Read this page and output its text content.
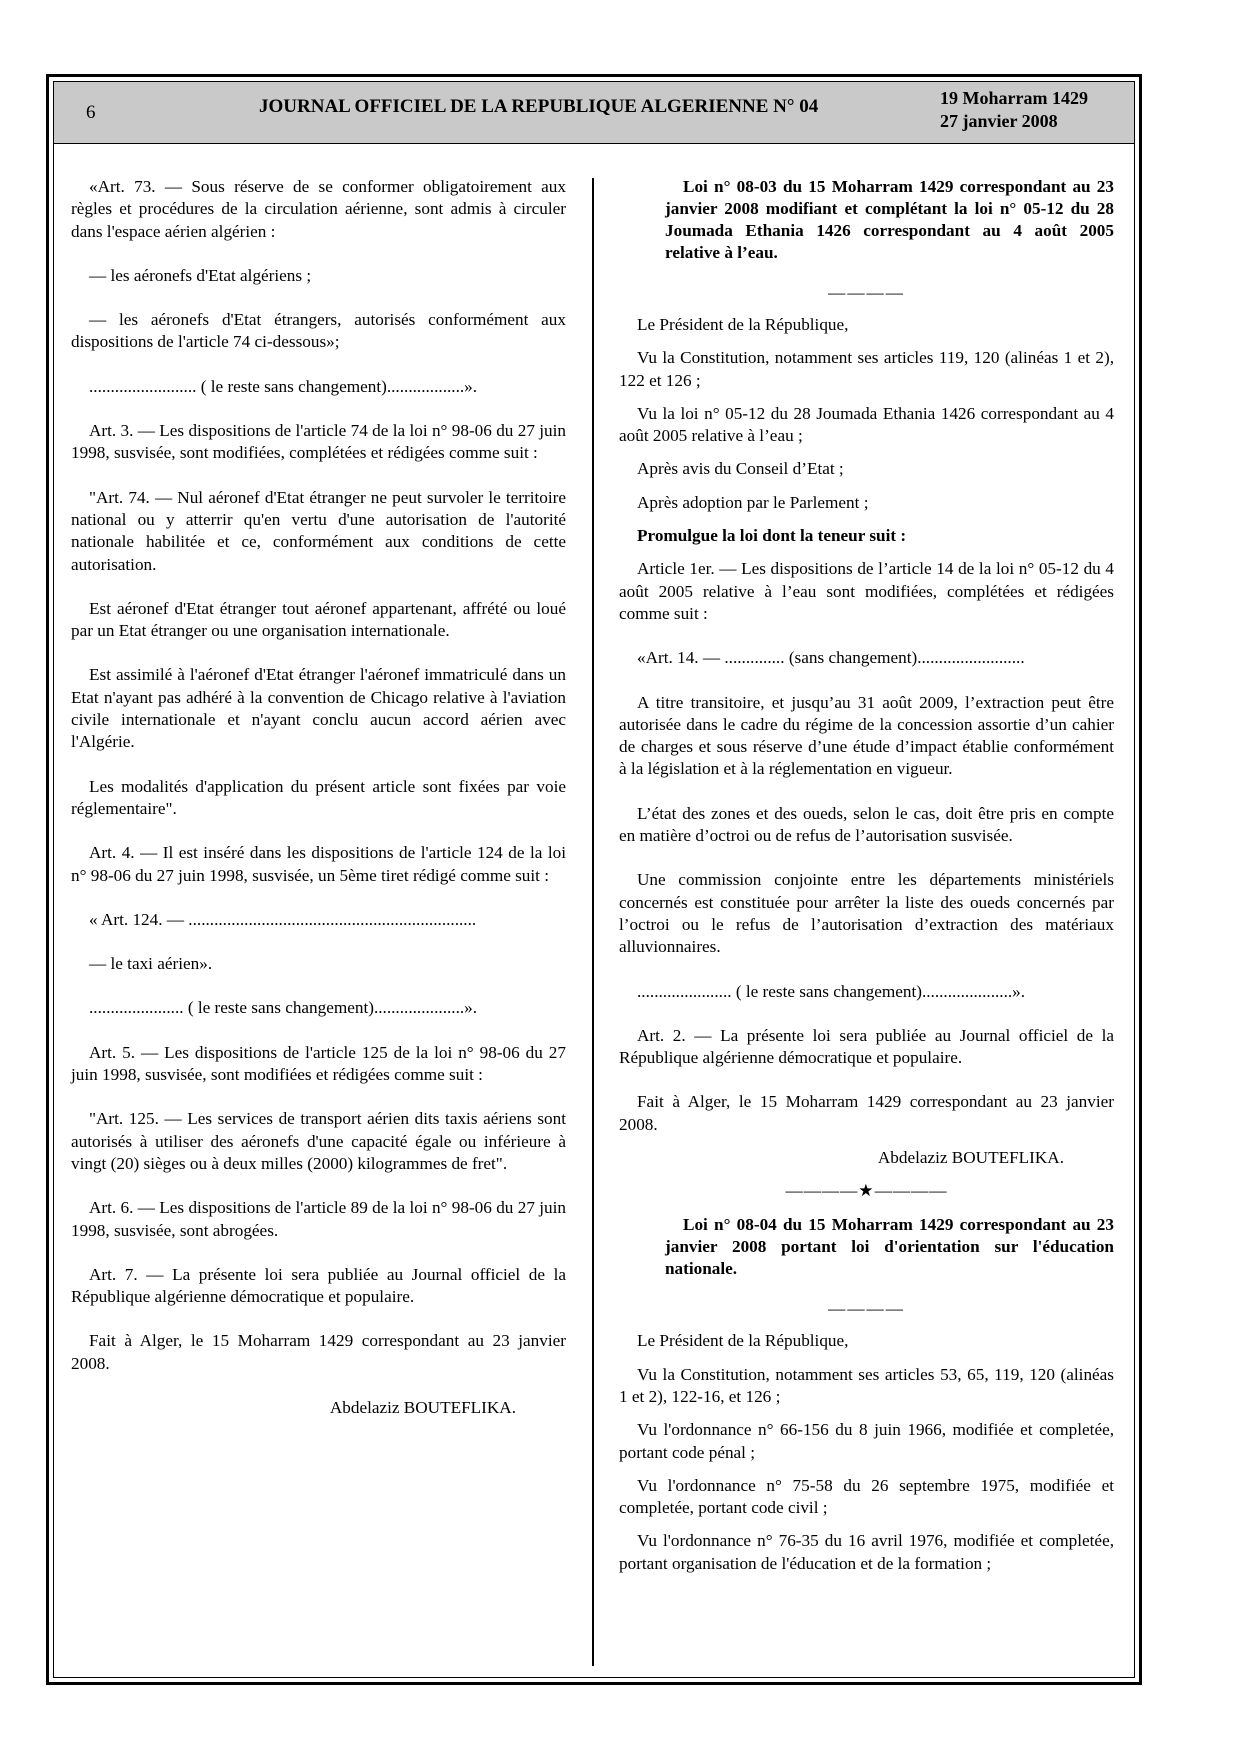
6	JOURNAL OFFICIEL DE LA REPUBLIQUE ALGERIENNE N° 04	19 Moharram 1429
27 janvier 2008

«Art. 73. — Sous réserve de se conformer obligatoirement aux règles et procédures de la circulation aérienne, sont admis à circuler dans l'espace aérien algérien :

— les aéronefs d'Etat algériens ;

— les aéronefs d'Etat étrangers, autorisés conformément aux dispositions de l'article 74 ci-dessous»;

......................... ( le reste sans changement)..................».

Art. 3. — Les dispositions de l'article 74 de la loi n° 98-06 du 27 juin 1998, susvisée, sont modifiées, complétées et rédigées comme suit :

"Art. 74. — Nul aéronef d'Etat étranger ne peut survoler le territoire national ou y atterrir qu'en vertu d'une autorisation de l'autorité nationale habilitée et ce, conformément aux conditions de cette autorisation.

Est aéronef d'Etat étranger tout aéronef appartenant, affrété ou loué par un Etat étranger ou une organisation internationale.

Est assimilé à l'aéronef d'Etat étranger l'aéronef immatriculé dans un Etat n'ayant pas adhéré à la convention de Chicago relative à l'aviation civile internationale et n'ayant conclu aucun accord aérien avec l'Algérie.

Les modalités d'application du présent article sont fixées par voie réglementaire".

Art. 4. — Il est inséré dans les dispositions de l'article 124 de la loi n° 98-06 du 27 juin 1998, susvisée, un 5ème tiret rédigé comme suit :

« Art. 124. — ...................................................................

— le taxi aérien».

...................... ( le reste sans changement).....................».

Art. 5. — Les dispositions de l'article 125 de la loi n° 98-06 du 27 juin 1998, susvisée, sont modifiées et rédigées comme suit :

"Art. 125. — Les services de transport aérien dits taxis aériens sont autorisés à utiliser des aéronefs d'une capacité égale ou inférieure à vingt (20) sièges ou à deux milles (2000) kilogrammes de fret".

Art. 6. — Les dispositions de l'article 89 de la loi n° 98-06 du 27 juin 1998, susvisée, sont abrogées.

Art. 7. — La présente loi sera publiée au Journal officiel de la République algérienne démocratique et populaire.

Fait à Alger, le 15 Moharram 1429 correspondant au 23 janvier 2008.

Abdelaziz BOUTEFLIKA.

Loi n° 08-03 du 15 Moharram 1429 correspondant au 23 janvier 2008 modifiant et complétant la loi n° 05-12 du 28 Joumada Ethania 1426 correspondant au 4 août 2005 relative à l’eau.

————

Le Président de la République,

Vu la Constitution, notamment ses articles 119, 120 (alinéas 1 et 2), 122 et 126 ;

Vu la loi n° 05-12 du 28 Joumada Ethania 1426 correspondant au 4 août 2005 relative à l’eau ;

Après avis du Conseil d’Etat ;

Après adoption par le Parlement ;

Promulgue la loi dont la teneur suit :

Article 1er. — Les dispositions de l’article 14 de la loi n° 05-12 du 4 août 2005 relative à l’eau sont modifiées, complétées et rédigées comme suit :

«Art. 14. — .............. (sans changement).........................

A titre transitoire, et jusqu’au 31 août 2009, l’extraction peut être autorisée dans le cadre du régime de la concession assortie d’un cahier de charges et sous réserve d’une étude d’impact établie conformément à la législation et à la réglementation en vigueur.

L’état des zones et des oueds, selon le cas, doit être pris en compte en matière d’octroi ou de refus de l’autorisation susvisée.

Une commission conjointe entre les départements ministériels concernés est constituée pour arrêter la liste des oueds concernés par l’octroi ou le refus de l’autorisation d’extraction des matériaux alluvionnaires.

...................... ( le reste sans changement).....................».

Art. 2. — La présente loi sera publiée au Journal officiel de la République algérienne démocratique et populaire.

Fait à Alger, le 15 Moharram 1429 correspondant au 23 janvier 2008.

Abdelaziz BOUTEFLIKA.

————★————

Loi n° 08-04 du 15 Moharram 1429 correspondant au 23 janvier 2008 portant loi d'orientation sur l'éducation nationale.

————

Le Président de la République,

Vu la Constitution, notamment ses articles 53, 65, 119, 120 (alinéas 1 et 2), 122-16, et 126 ;

Vu l'ordonnance n° 66-156 du 8 juin 1966, modifiée et completée, portant code pénal ;

Vu l'ordonnance n° 75-58 du 26 septembre 1975, modifiée et completée, portant code civil ;

Vu l'ordonnance n° 76-35 du 16 avril 1976, modifiée et completée, portant organisation de l'éducation et de la formation ;
